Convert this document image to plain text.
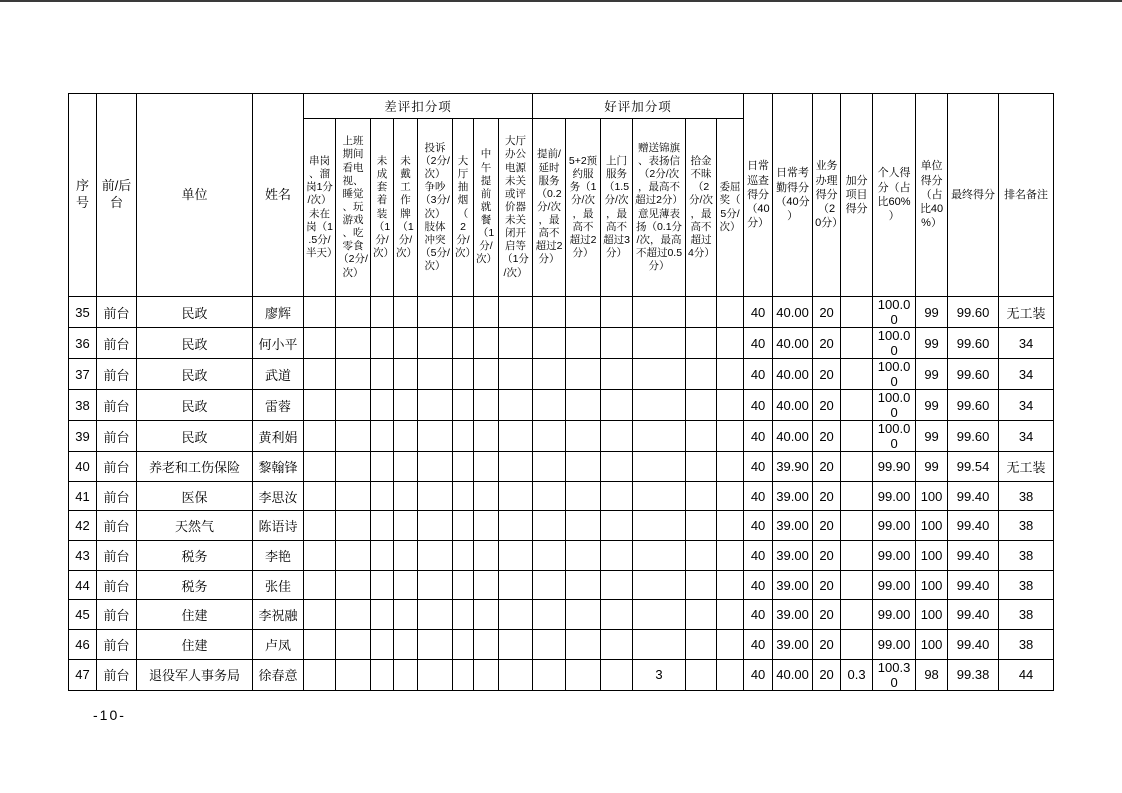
序号	前/后台	单位	姓名	差评扣分项								好评加分项						日常巡查得分（40分）	日常考勤得分（40分）	业务办理得分（20分）	加分项目得分	个人得分（占比60%）	单位得分（占比40%）	最终得分	排名备注
				串岗、溜岗1分/次）未在岗（1.5分/半天）	上班期间看电视、睡觉、玩游戏、吃零食（2分/次）	未成套着装（1分/次）	未戴工作牌（1分/次）	投诉（2分/次）争吵（3分/次）肢体冲突（5分/次）	大厅抽烟（2分/次）	中午提前就餐（1分/次）	大厅办公电源未关或评价器未关闭开启等（1分/次）	提前/延时服务（0.2分/次，最高不超过2分）	5+2预约服务（1分/次，最高不超过2分）	上门服务（1.5分/次，最高不超过3分）	赠送锦旗、表扬信（2分/次，最高不超过2分）意见薄表扬（0.1分/次，最高不超过0.5分）	拾金不昧（2分/次，最高不超过4分）	委屈奖（5分/次）								
35	前台	民政	廖辉															40	40.00	20		100.00	99	99.60	无工装
36	前台	民政	何小平															40	40.00	20		100.00	99	99.60	34
37	前台	民政	武道															40	40.00	20		100.00	99	99.60	34
38	前台	民政	雷蓉															40	40.00	20		100.00	99	99.60	34
39	前台	民政	黄利娟															40	40.00	20		100.00	99	99.60	34
40	前台	养老和工伤保险	黎翰锋															40	39.90	20		99.90	99	99.54	无工装
41	前台	医保	李思汝															40	39.00	20		99.00	100	99.40	38
42	前台	天然气	陈语诗															40	39.00	20		99.00	100	99.40	38
43	前台	税务	李艳															40	39.00	20		99.00	100	99.40	38
44	前台	税务	张佳															40	39.00	20		99.00	100	99.40	38
45	前台	住建	李祝融															40	39.00	20		99.00	100	99.40	38
46	前台	住建	卢凤															40	39.00	20		99.00	100	99.40	38
47	前台	退役军人事务局	徐春意												3			40	40.00	20	0.3	100.30	98	99.38	44
-10-
